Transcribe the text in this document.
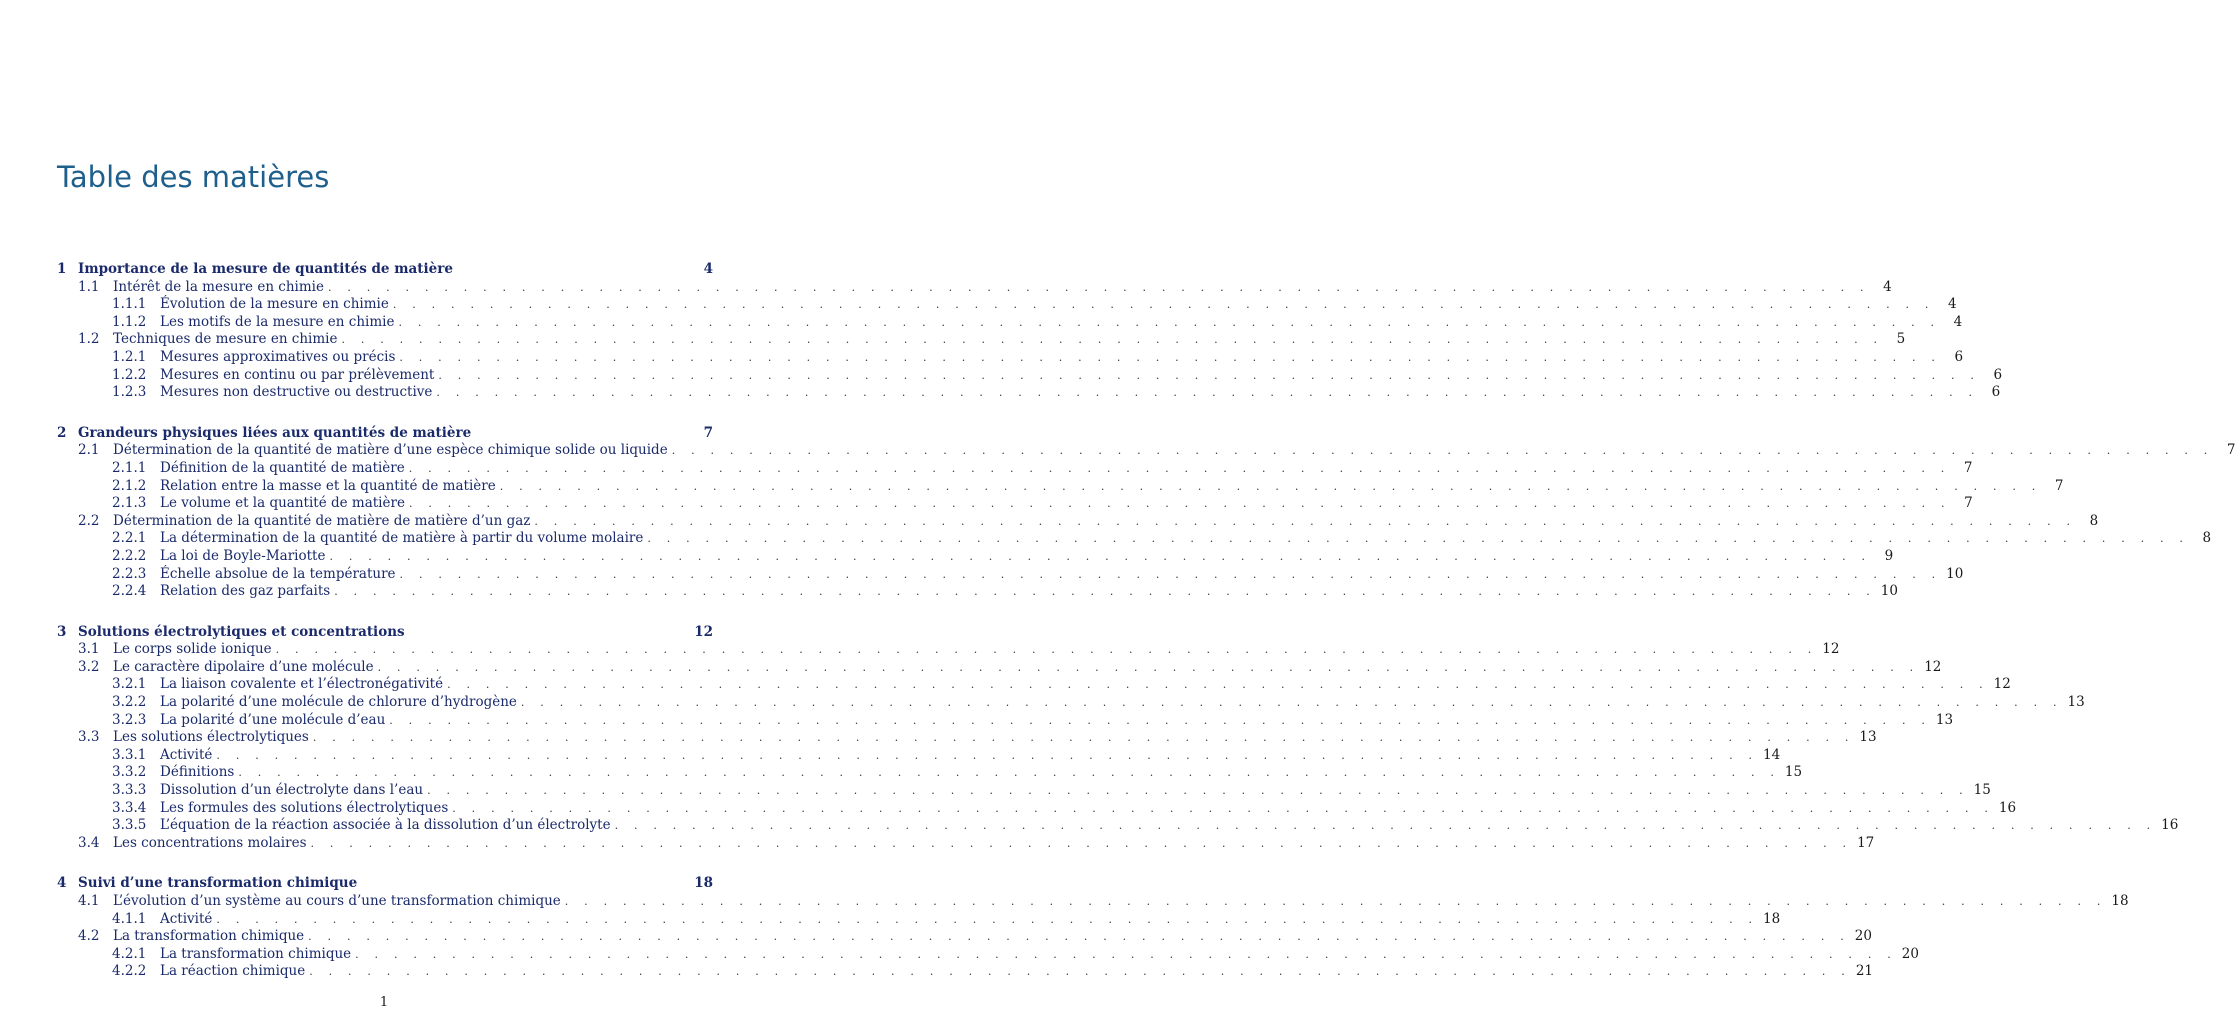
Table des matières
1 Importance de la mesure de quantités de matière	4
1.1	Intérêt de la mesure en chimie . . . . . . . . . . . . . . . . . . . . . . . . . . . . . . . . . . . . . . . . . . . . . . . . . . . . . . . . . . . . . . . . . . . . . . . . . . . . . . . . 4
1.1.1	Évolution de la mesure en chimie . . . . . . . . . . . . . . . . . . . . . . . . . . . . . . . . . . . . . . . . . . . . . . . . . . . . . . . . . . . . . . . . . . . . . . . . . . . . . . . . 4
1.1.2	Les motifs de la mesure en chimie . . . . . . . . . . . . . . . . . . . . . . . . . . . . . . . . . . . . . . . . . . . . . . . . . . . . . . . . . . . . . . . . . . . . . . . . . . . . . . . . 4
1.2	Techniques de mesure en chimie . . . . . . . . . . . . . . . . . . . . . . . . . . . . . . . . . . . . . . . . . . . . . . . . . . . . . . . . . . . . . . . . . . . . . . . . . . . . . . . . 5
1.2.1	Mesures approximatives ou précis . . . . . . . . . . . . . . . . . . . . . . . . . . . . . . . . . . . . . . . . . . . . . . . . . . . . . . . . . . . . . . . . . . . . . . . . . . . . . . . . 6
1.2.2	Mesures en continu ou par prélèvement . . . . . . . . . . . . . . . . . . . . . . . . . . . . . . . . . . . . . . . . . . . . . . . . . . . . . . . . . . . . . . . . . . . . . . . . . . . . . . . . 6
1.2.3	Mesures non destructive ou destructive . . . . . . . . . . . . . . . . . . . . . . . . . . . . . . . . . . . . . . . . . . . . . . . . . . . . . . . . . . . . . . . . . . . . . . . . . . . . . . . . 6
2 Grandeurs physiques liées aux quantités de matière	7
2.1	Détermination de la quantité de matière d’une espèce chimique solide ou liquide . . . . . . . . . . . . . . . . . . . . . . . . . . . . . . . . . . . . . . . . . . . . . . . . . . . . . . . . . . . . . . . . . . . . . . . . . . . . . . . . 7
2.1.1	Définition de la quantité de matière . . . . . . . . . . . . . . . . . . . . . . . . . . . . . . . . . . . . . . . . . . . . . . . . . . . . . . . . . . . . . . . . . . . . . . . . . . . . . . . . 7
2.1.2	Relation entre la masse et la quantité de matière . . . . . . . . . . . . . . . . . . . . . . . . . . . . . . . . . . . . . . . . . . . . . . . . . . . . . . . . . . . . . . . . . . . . . . . . . . . . . . . . 7
2.1.3	Le volume et la quantité de matière . . . . . . . . . . . . . . . . . . . . . . . . . . . . . . . . . . . . . . . . . . . . . . . . . . . . . . . . . . . . . . . . . . . . . . . . . . . . . . . . 7
2.2	Détermination de la quantité de matière de matière d’un gaz . . . . . . . . . . . . . . . . . . . . . . . . . . . . . . . . . . . . . . . . . . . . . . . . . . . . . . . . . . . . . . . . . . . . . . . . . . . . . . . . 8
2.2.1	La détermination de la quantité de matière à partir du volume molaire . . . . . . . . . . . . . . . . . . . . . . . . . . . . . . . . . . . . . . . . . . . . . . . . . . . . . . . . . . . . . . . . . . . . . . . . . . . . . . . . 8
2.2.2	La loi de Boyle-Mariotte . . . . . . . . . . . . . . . . . . . . . . . . . . . . . . . . . . . . . . . . . . . . . . . . . . . . . . . . . . . . . . . . . . . . . . . . . . . . . . . . 9
2.2.3	Échelle absolue de la température . . . . . . . . . . . . . . . . . . . . . . . . . . . . . . . . . . . . . . . . . . . . . . . . . . . . . . . . . . . . . . . . . . . . . . . . . . . . . . . . 10
2.2.4	Relation des gaz parfaits . . . . . . . . . . . . . . . . . . . . . . . . . . . . . . . . . . . . . . . . . . . . . . . . . . . . . . . . . . . . . . . . . . . . . . . . . . . . . . . . 10
3 Solutions électrolytiques et concentrations	12
3.1	Le corps solide ionique . . . . . . . . . . . . . . . . . . . . . . . . . . . . . . . . . . . . . . . . . . . . . . . . . . . . . . . . . . . . . . . . . . . . . . . . . . . . . . . . 12
3.2	Le caractère dipolaire d’une molécule . . . . . . . . . . . . . . . . . . . . . . . . . . . . . . . . . . . . . . . . . . . . . . . . . . . . . . . . . . . . . . . . . . . . . . . . . . . . . . . . 12
3.2.1	La liaison covalente et l’électronégativité . . . . . . . . . . . . . . . . . . . . . . . . . . . . . . . . . . . . . . . . . . . . . . . . . . . . . . . . . . . . . . . . . . . . . . . . . . . . . . . . 12
3.2.2	La polarité d’une molécule de chlorure d’hydrogène . . . . . . . . . . . . . . . . . . . . . . . . . . . . . . . . . . . . . . . . . . . . . . . . . . . . . . . . . . . . . . . . . . . . . . . . . . . . . . . . 13
3.2.3	La polarité d’une molécule d’eau . . . . . . . . . . . . . . . . . . . . . . . . . . . . . . . . . . . . . . . . . . . . . . . . . . . . . . . . . . . . . . . . . . . . . . . . . . . . . . . . 13
3.3	Les solutions électrolytiques . . . . . . . . . . . . . . . . . . . . . . . . . . . . . . . . . . . . . . . . . . . . . . . . . . . . . . . . . . . . . . . . . . . . . . . . . . . . . . . . 13
3.3.1	Activité . . . . . . . . . . . . . . . . . . . . . . . . . . . . . . . . . . . . . . . . . . . . . . . . . . . . . . . . . . . . . . . . . . . . . . . . . . . . . . . . 14
3.3.2	Définitions . . . . . . . . . . . . . . . . . . . . . . . . . . . . . . . . . . . . . . . . . . . . . . . . . . . . . . . . . . . . . . . . . . . . . . . . . . . . . . . . 15
3.3.3	Dissolution d’un électrolyte dans l’eau . . . . . . . . . . . . . . . . . . . . . . . . . . . . . . . . . . . . . . . . . . . . . . . . . . . . . . . . . . . . . . . . . . . . . . . . . . . . . . . . 15
3.3.4	Les formules des solutions électrolytiques . . . . . . . . . . . . . . . . . . . . . . . . . . . . . . . . . . . . . . . . . . . . . . . . . . . . . . . . . . . . . . . . . . . . . . . . . . . . . . . . 16
3.3.5	L’équation de la réaction associée à la dissolution d’un électrolyte . . . . . . . . . . . . . . . . . . . . . . . . . . . . . . . . . . . . . . . . . . . . . . . . . . . . . . . . . . . . . . . . . . . . . . . . . . . . . . . . 16
3.4	Les concentrations molaires . . . . . . . . . . . . . . . . . . . . . . . . . . . . . . . . . . . . . . . . . . . . . . . . . . . . . . . . . . . . . . . . . . . . . . . . . . . . . . . . 17
4 Suivi d’une transformation chimique	18
4.1	L’évolution d’un système au cours d’une transformation chimique . . . . . . . . . . . . . . . . . . . . . . . . . . . . . . . . . . . . . . . . . . . . . . . . . . . . . . . . . . . . . . . . . . . . . . . . . . . . . . . . 18
4.1.1	Activité . . . . . . . . . . . . . . . . . . . . . . . . . . . . . . . . . . . . . . . . . . . . . . . . . . . . . . . . . . . . . . . . . . . . . . . . . . . . . . . . 18
4.2	La transformation chimique . . . . . . . . . . . . . . . . . . . . . . . . . . . . . . . . . . . . . . . . . . . . . . . . . . . . . . . . . . . . . . . . . . . . . . . . . . . . . . . . 20
4.2.1	La transformation chimique . . . . . . . . . . . . . . . . . . . . . . . . . . . . . . . . . . . . . . . . . . . . . . . . . . . . . . . . . . . . . . . . . . . . . . . . . . . . . . . . 20
4.2.2	La réaction chimique . . . . . . . . . . . . . . . . . . . . . . . . . . . . . . . . . . . . . . . . . . . . . . . . . . . . . . . . . . . . . . . . . . . . . . . . . . . . . . . . 21
1
